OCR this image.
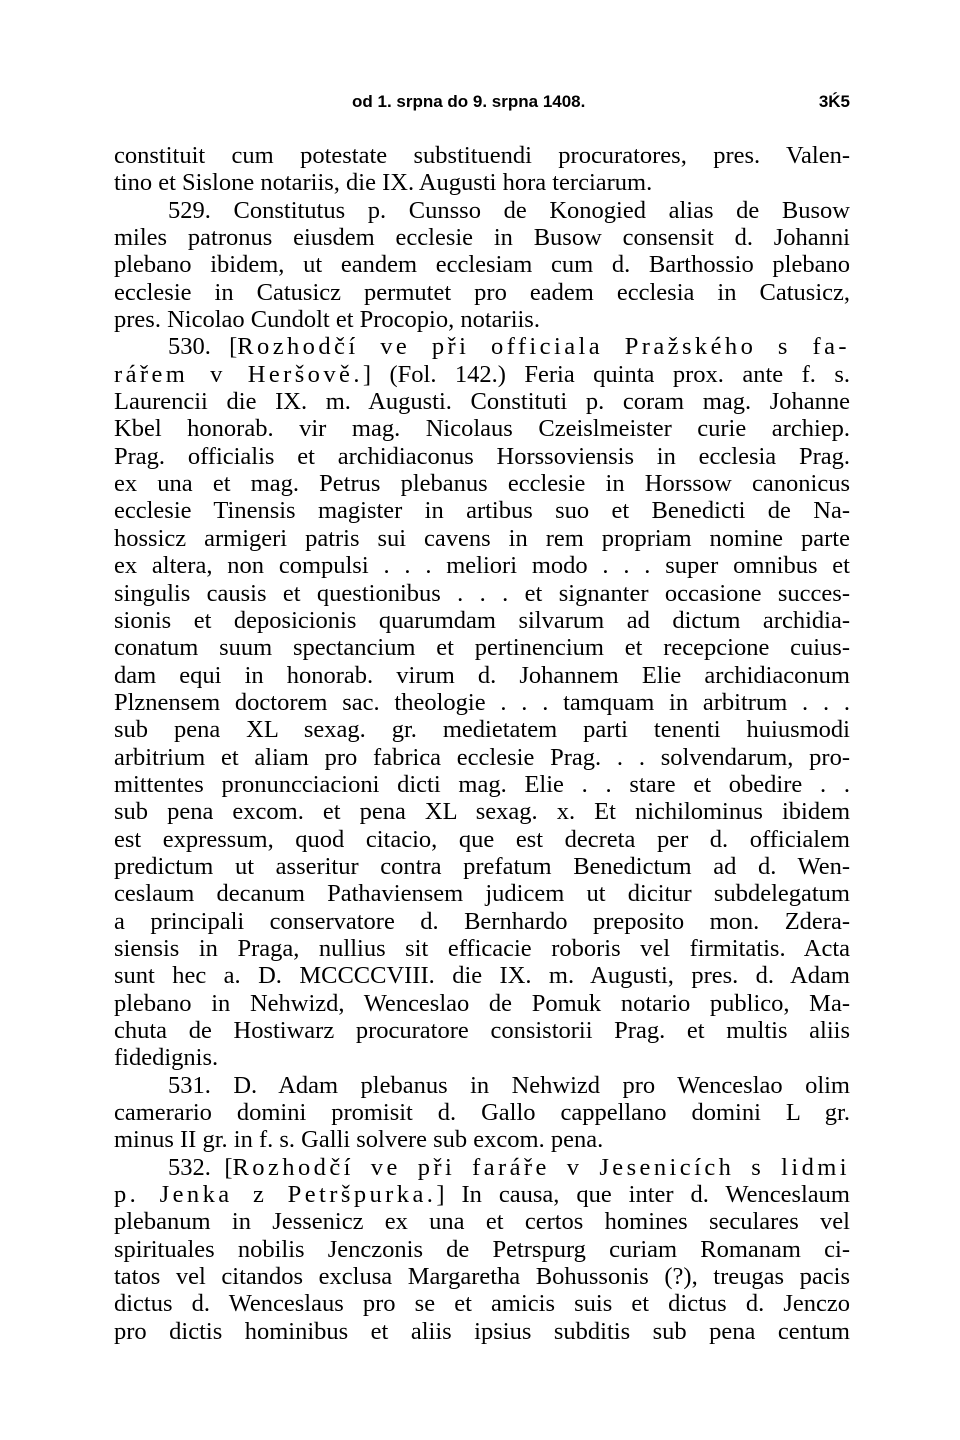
od 1. srpna do 9. srpna 1408.	3Ḱ5
constituit cum potestate substituendi procuratores, pres. Valen-
tino et Sislone notariis, die IX. Augusti hora terciarum.
529. Constitutus p. Cunsso de Konogied alias de Busow
miles patronus eiusdem ecclesie in Busow consensit d. Johanni
plebano ibidem, ut eandem ecclesiam cum d. Barthossio plebano
ecclesie in Catusicz permutet pro eadem ecclesia in Catusicz,
pres. Nicolao Cundolt et Procopio, notariis.
530. [Rozhodčí ve při officiala Pražského s fa-
rářem v Heršově.] (Fol. 142.) Feria quinta prox. ante f. s.
Laurencii die IX. m. Augusti. Constituti p. coram mag. Johanne
Kbel honorab. vir mag. Nicolaus Czeislmeister curie archiep.
Prag. officialis et archidiaconus Horssoviensis in ecclesia Prag.
ex una et mag. Petrus plebanus ecclesie in Horssow canonicus
ecclesie Tinensis magister in artibus suo et Benedicti de Na-
hossicz armigeri patris sui cavens in rem propriam nomine parte
ex altera, non compulsi . . . meliori modo . . . super omnibus et
singulis causis et questionibus . . . et signanter occasione succes-
sionis et deposicionis quarumdam silvarum ad dictum archidia-
conatum suum spectancium et pertinencium et recepcione cuius-
dam equi in honorab. virum d. Johannem Elie archidiaconum
Plznensem doctorem sac. theologie . . . tamquam in arbitrum . . .
sub pena XL sexag. gr. medietatem parti tenenti huiusmodi
arbitrium et aliam pro fabrica ecclesie Prag. . . solvendarum, pro-
mittentes pronuncciacioni dicti mag. Elie . . stare et obedire . .
sub pena excom. et pena XL sexag. x. Et nichilominus ibidem
est expressum, quod citacio, que est decreta per d. officialem
predictum ut asseritur contra prefatum Benedictum ad d. Wen-
ceslaum decanum Pathaviensem judicem ut dicitur subdelegatum
a principali conservatore d. Bernhardo preposito mon. Zdera-
siensis in Praga, nullius sit efficacie roboris vel firmitatis. Acta
sunt hec a. D. MCCCCVIII. die IX. m. Augusti, pres. d. Adam
plebano in Nehwizd, Wenceslao de Pomuk notario publico, Ma-
chuta de Hostiwarz procuratore consistorii Prag. et multis aliis
fidedignis.
531. D. Adam plebanus in Nehwizd pro Wenceslao olim
camerario domini promisit d. Gallo cappellano domini L gr.
minus II gr. in f. s. Galli solvere sub excom. pena.
532. [Rozhodčí ve při faráře v Jesenicích s lidmi
p. Jenka z Petršpurka.] In causa, que inter d. Wenceslaum
plebanum in Jessenicz ex una et certos homines seculares vel
spirituales nobilis Jenczonis de Petrspurg curiam Romanam ci-
tatos vel citandos exclusa Margaretha Bohussonis (?), treugas pacis
dictus d. Wenceslaus pro se et amicis suis et dictus d. Jenczo
pro dictis hominibus et aliis ipsius subditis sub pena centum
